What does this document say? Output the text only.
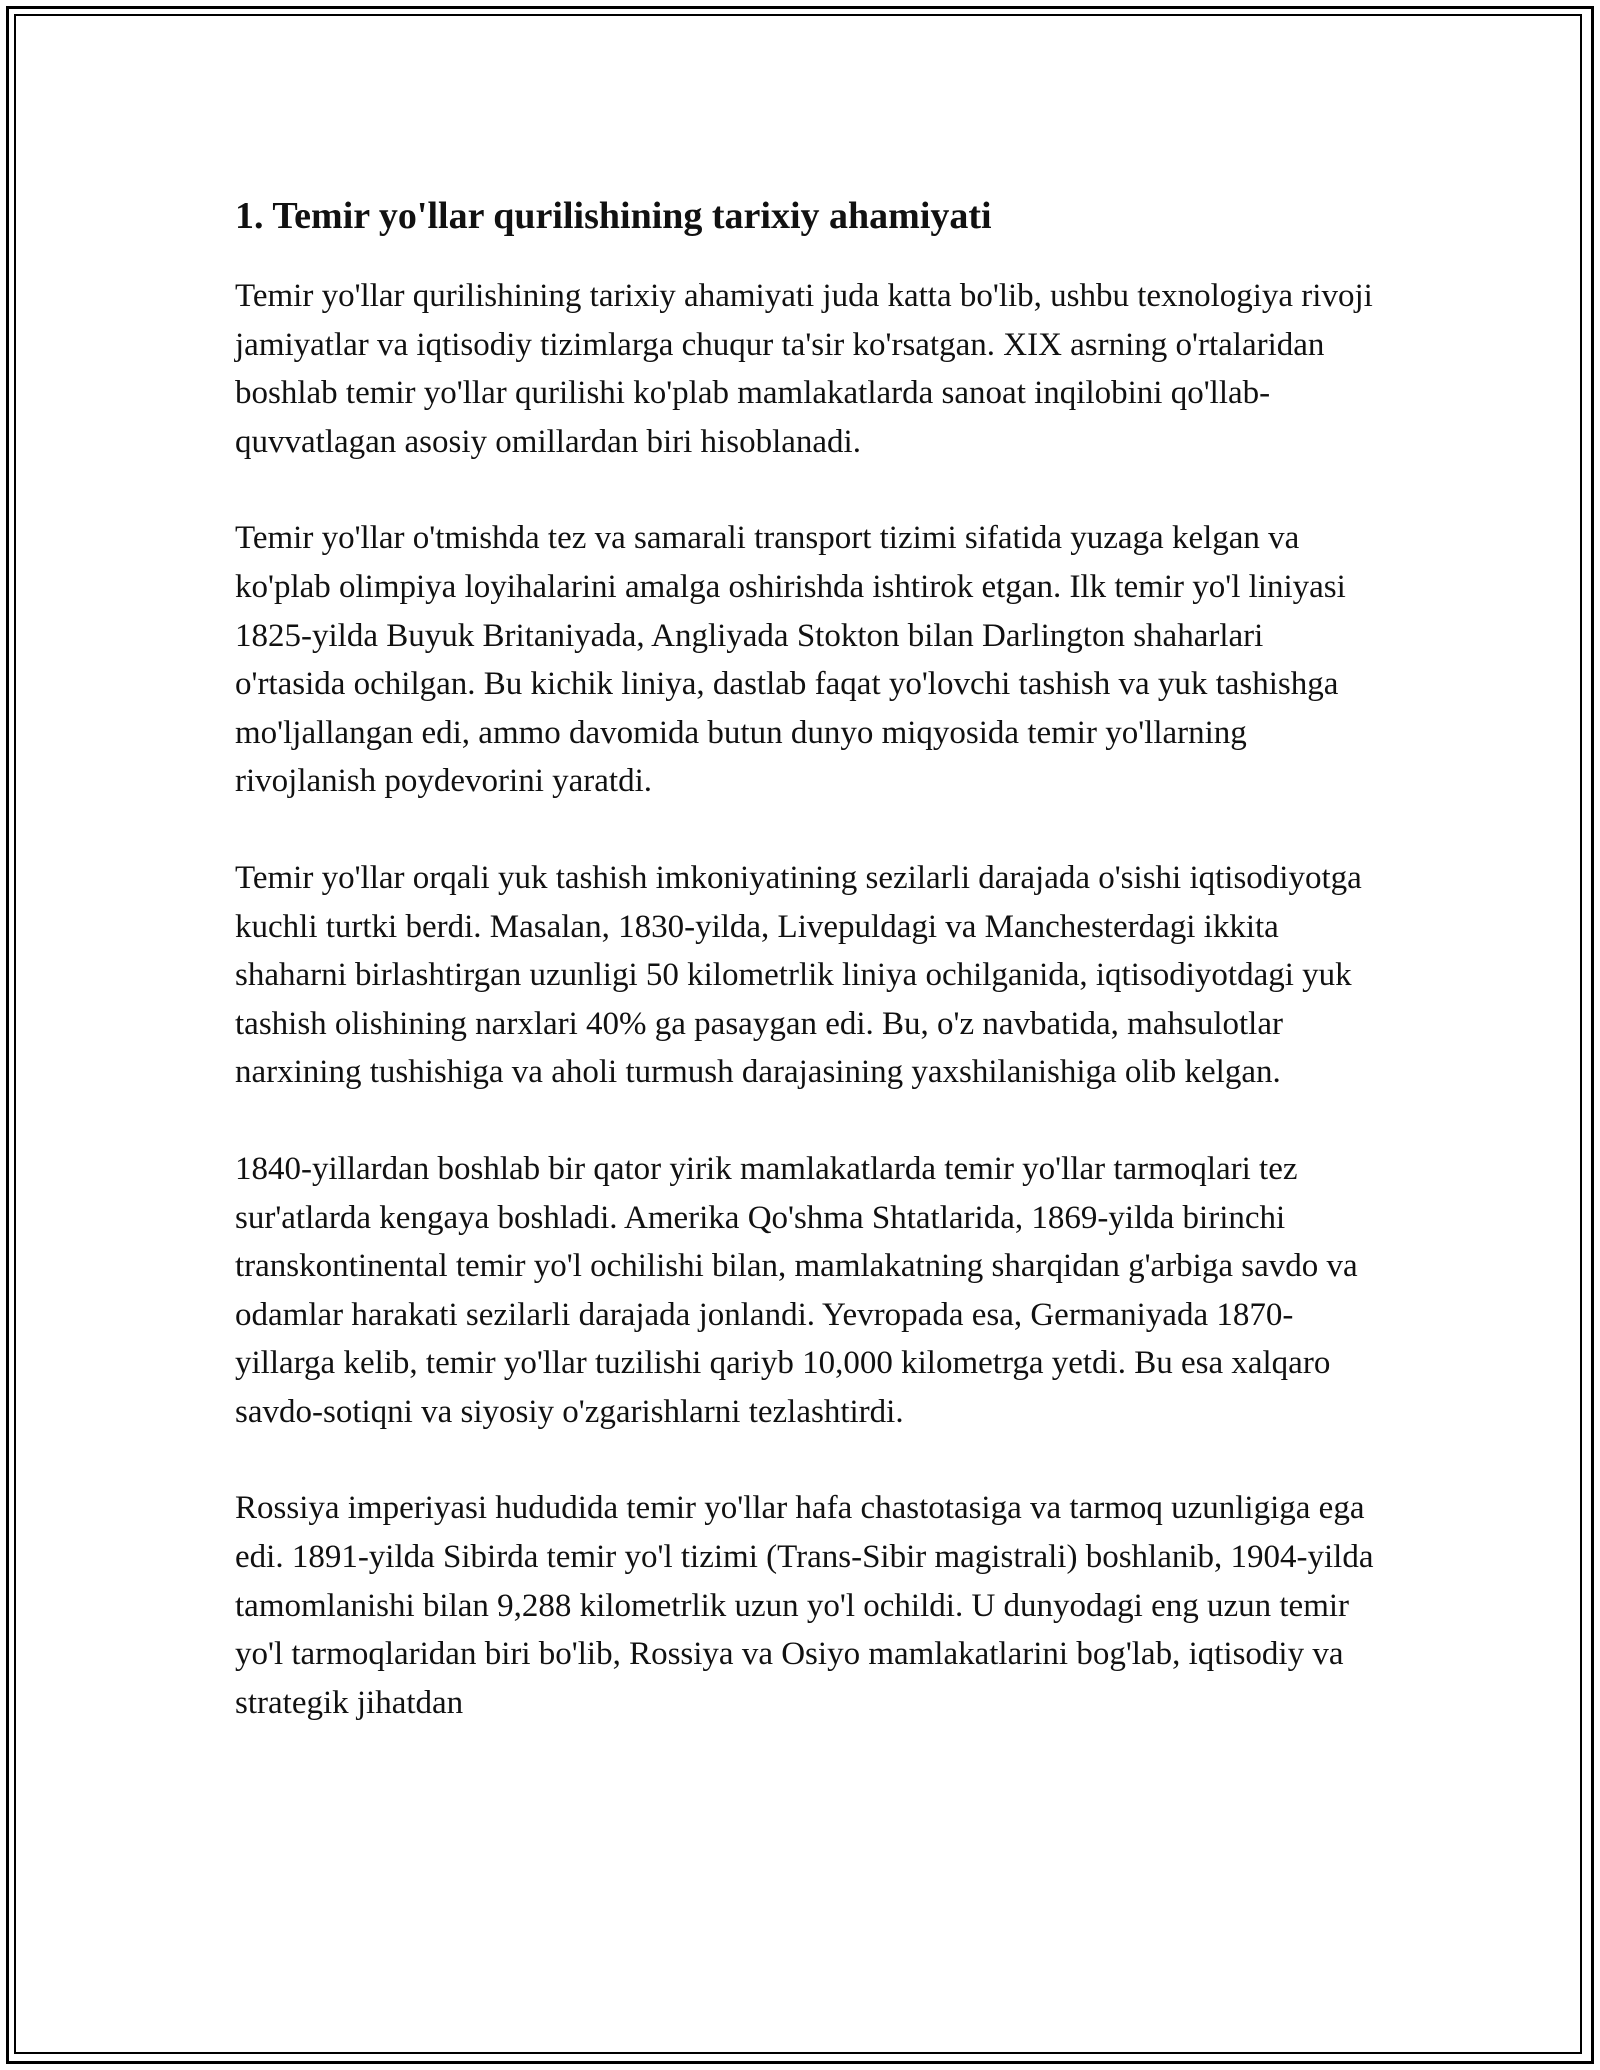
1. Temir yo'llar qurilishining tarixiy ahamiyati

Temir yo'llar qurilishining tarixiy ahamiyati juda katta bo'lib, ushbu texnologiya rivoji jamiyatlar va iqtisodiy tizimlarga chuqur ta'sir ko'rsatgan. XIX asrning o'rtalaridan boshlab temir yo'llar qurilishi ko'plab mamlakatlarda sanoat inqilobini qo'llab-quvvatlagan asosiy omillardan biri hisoblanadi.

Temir yo'llar o'tmishda tez va samarali transport tizimi sifatida yuzaga kelgan va ko'plab olimpiya loyihalarini amalga oshirishda ishtirok etgan. Ilk temir yo'l liniyasi 1825-yilda Buyuk Britaniyada, Angliyada Stokton bilan Darlington shaharlari o'rtasida ochilgan. Bu kichik liniya, dastlab faqat yo'lovchi tashish va yuk tashishga mo'ljallangan edi, ammo davomida butun dunyo miqyosida temir yo'llarning rivojlanish poydevorini yaratdi.

Temir yo'llar orqali yuk tashish imkoniyatining sezilarli darajada o'sishi iqtisodiyotga kuchli turtki berdi. Masalan, 1830-yilda, Livepuldagi va Manchesterdagi ikkita shaharni birlashtirgan uzunligi 50 kilometrlik liniya ochilganida, iqtisodiyotdagi yuk tashish olishining narxlari 40% ga pasaygan edi. Bu, o'z navbatida, mahsulotlar narxining tushishiga va aholi turmush darajasining yaxshilanishiga olib kelgan.

1840-yillardan boshlab bir qator yirik mamlakatlarda temir yo'llar tarmoqlari tez sur'atlarda kengaya boshladi. Amerika Qo'shma Shtatlarida, 1869-yilda birinchi transkontinental temir yo'l ochilishi bilan, mamlakatning sharqidan g'arbiga savdo va odamlar harakati sezilarli darajada jonlandi. Yevropada esa, Germaniyada 1870-yillarga kelib, temir yo'llar tuzilishi qariyb 10,000 kilometrga yetdi. Bu esa xalqaro savdo-sotiqni va siyosiy o'zgarishlarni tezlashtirdi.

Rossiya imperiyasi hududida temir yo'llar hafa chastotasiga va tarmoq uzunligiga ega edi. 1891-yilda Sibirda temir yo'l tizimi (Trans-Sibir magistrali) boshlanib, 1904-yilda tamomlanishi bilan 9,288 kilometrlik uzun yo'l ochildi. U dunyodagi eng uzun temir yo'l tarmoqlaridan biri bo'lib, Rossiya va Osiyo mamlakatlarini bog'lab, iqtisodiy va strategik jihatdan
